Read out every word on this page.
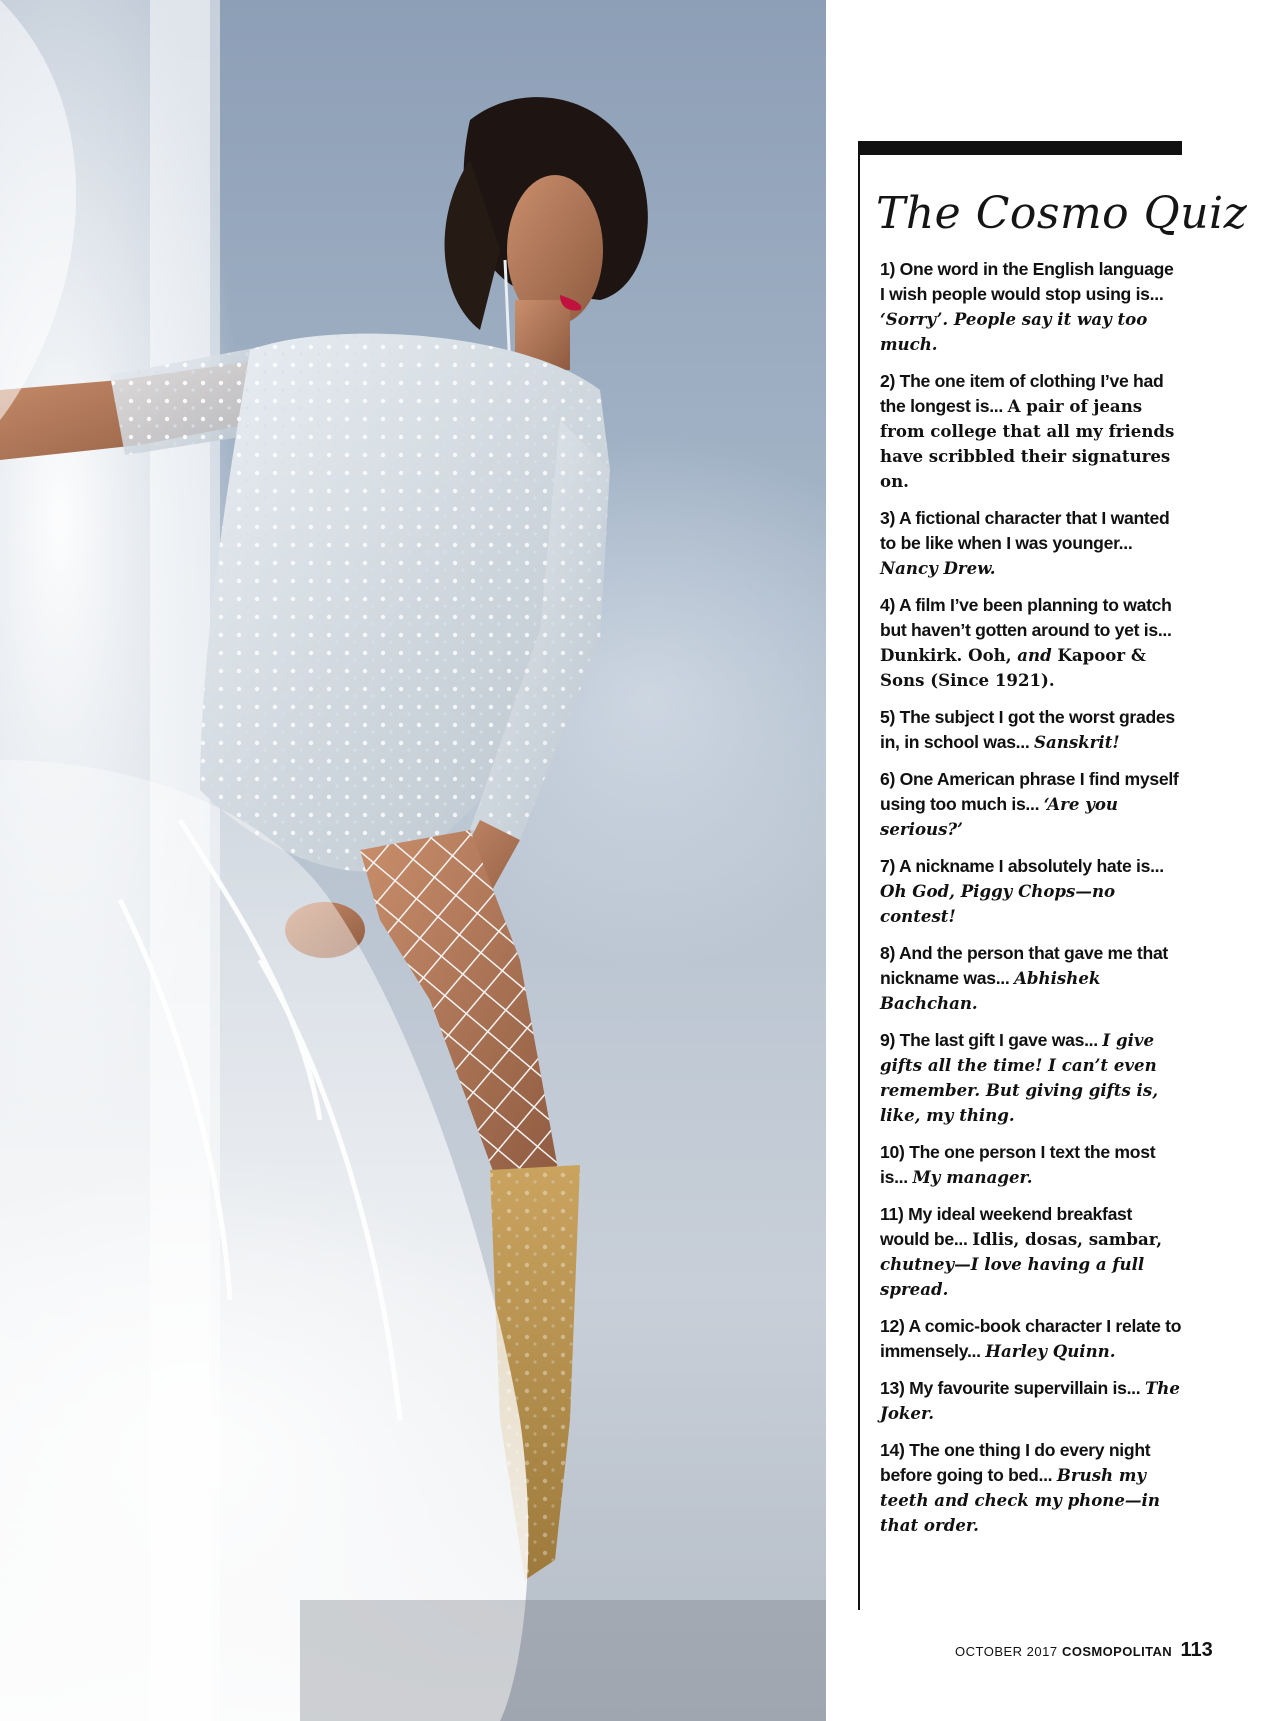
The Cosmo Quiz
1) One word in the English language I wish people would stop using is... ‘Sorry’. People say it way too much.
2) The one item of clothing I’ve had the longest is... A pair of jeans from college that all my friends have scribbled their signatures on.
3) A fictional character that I wanted to be like when I was younger... Nancy Drew.
4) A film I’ve been planning to watch but haven’t gotten around to yet is... Dunkirk. Ooh, and Kapoor & Sons (Since 1921).
5) The subject I got the worst grades in, in school was... Sanskrit!
6) One American phrase I find myself using too much is... ‘Are you serious?’
7) A nickname I absolutely hate is... Oh God, Piggy Chops—no contest!
8) And the person that gave me that nickname was... Abhishek Bachchan.
9) The last gift I gave was... I give gifts all the time! I can’t even remember. But giving gifts is, like, my thing.
10) The one person I text the most is... My manager.
11) My ideal weekend breakfast would be... Idlis, dosas, sambar, chutney—I love having a full spread.
12) A comic-book character I relate to immensely... Harley Quinn.
13) My favourite supervillain is... The Joker.
14) The one thing I do every night before going to bed... Brush my teeth and check my phone—in that order.
OCTOBER 2017 COSMOPOLITAN 113
